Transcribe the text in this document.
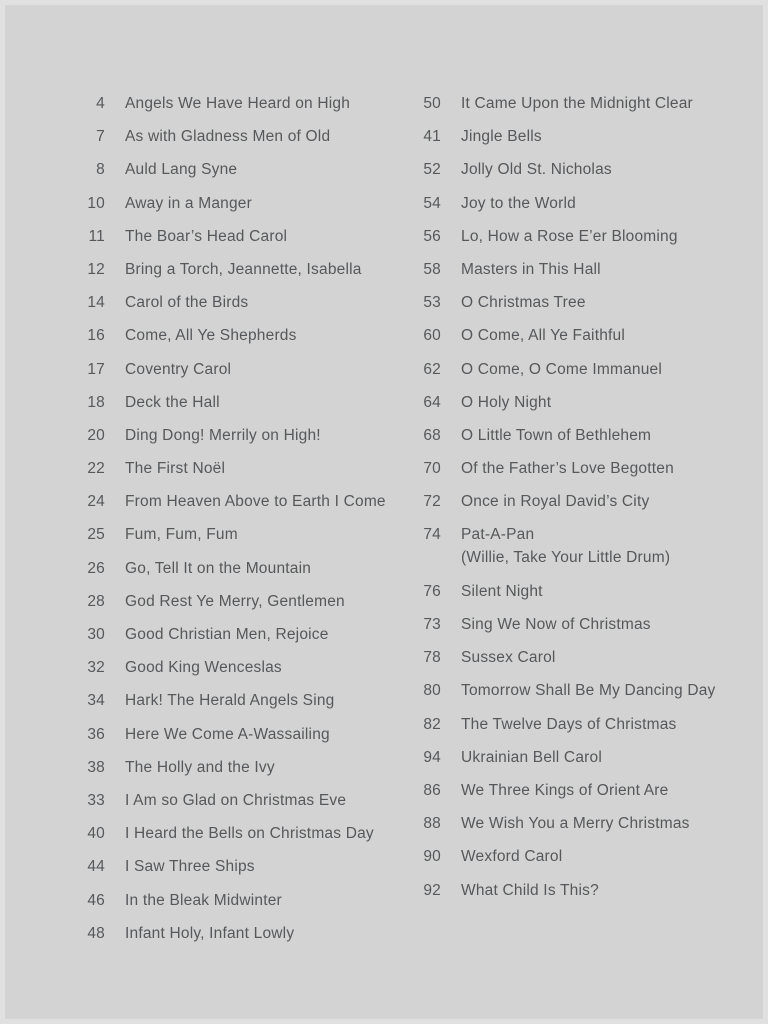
4 Angels We Have Heard on High
7 As with Gladness Men of Old
8 Auld Lang Syne
10 Away in a Manger
11 The Boar’s Head Carol
12 Bring a Torch, Jeannette, Isabella
14 Carol of the Birds
16 Come, All Ye Shepherds
17 Coventry Carol
18 Deck the Hall
20 Ding Dong! Merrily on High!
22 The First Noël
24 From Heaven Above to Earth I Come
25 Fum, Fum, Fum
26 Go, Tell It on the Mountain
28 God Rest Ye Merry, Gentlemen
30 Good Christian Men, Rejoice
32 Good King Wenceslas
34 Hark! The Herald Angels Sing
36 Here We Come A-Wassailing
38 The Holly and the Ivy
33 I Am so Glad on Christmas Eve
40 I Heard the Bells on Christmas Day
44 I Saw Three Ships
46 In the Bleak Midwinter
48 Infant Holy, Infant Lowly
50 It Came Upon the Midnight Clear
41 Jingle Bells
52 Jolly Old St. Nicholas
54 Joy to the World
56 Lo, How a Rose E’er Blooming
58 Masters in This Hall
53 O Christmas Tree
60 O Come, All Ye Faithful
62 O Come, O Come Immanuel
64 O Holy Night
68 O Little Town of Bethlehem
70 Of the Father’s Love Begotten
72 Once in Royal David’s City
74 Pat-A-Pan
(Willie, Take Your Little Drum)
76 Silent Night
73 Sing We Now of Christmas
78 Sussex Carol
80 Tomorrow Shall Be My Dancing Day
82 The Twelve Days of Christmas
94 Ukrainian Bell Carol
86 We Three Kings of Orient Are
88 We Wish You a Merry Christmas
90 Wexford Carol
92 What Child Is This?
